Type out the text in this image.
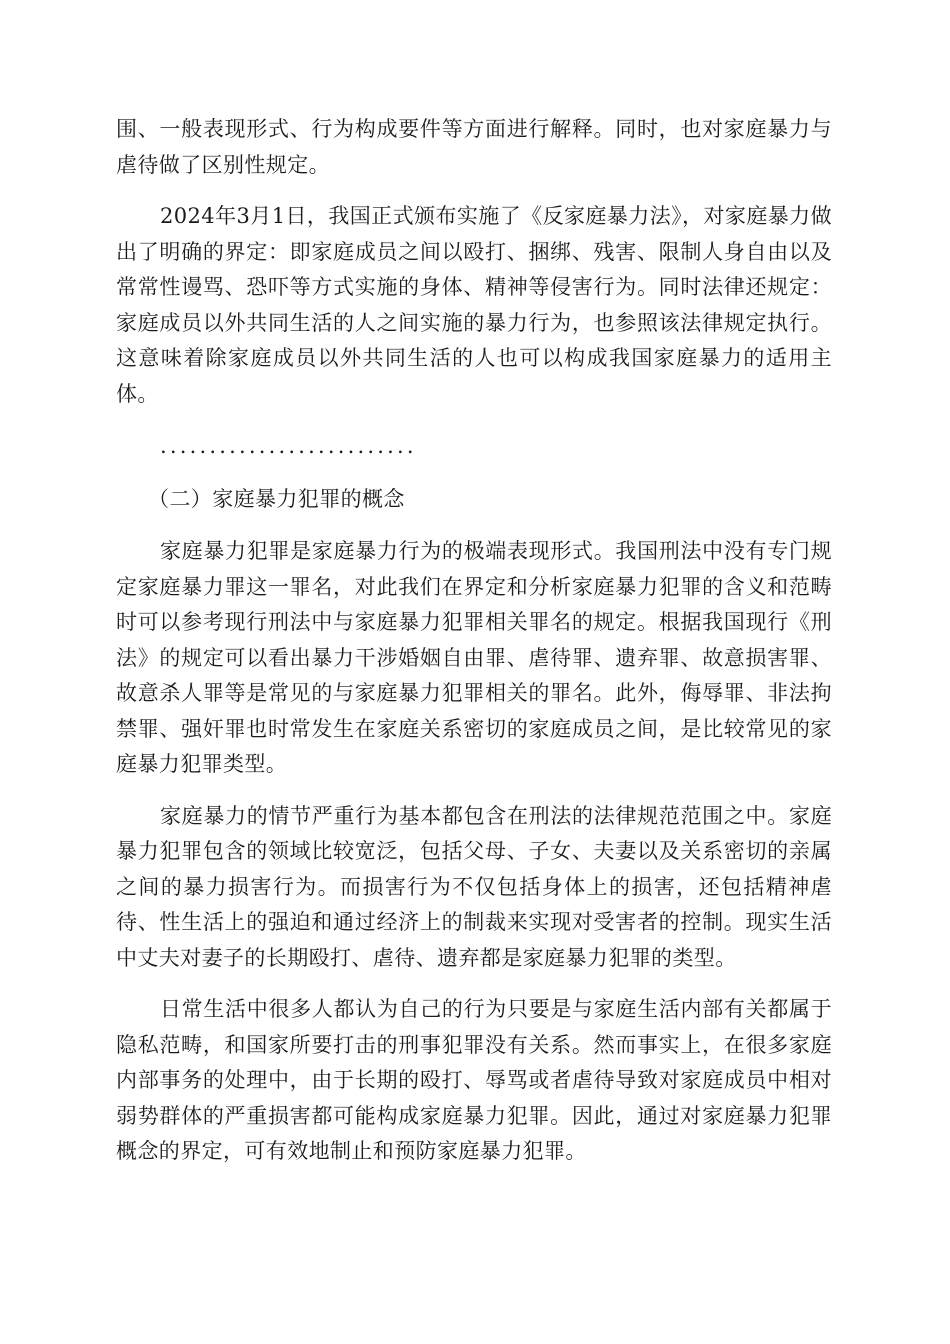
围、一般表现形式、行为构成要件等方面进行解释。同时，也对家庭暴力与虐待做了区别性规定。

2024年3月1日，我国正式颁布实施了《反家庭暴力法》，对家庭暴力做出了明确的界定：即家庭成员之间以殴打、捆绑、残害、限制人身自由以及常常性谩骂、恐吓等方式实施的身体、精神等侵害行为。同时法律还规定：家庭成员以外共同生活的人之间实施的暴力行为，也参照该法律规定执行。这意味着除家庭成员以外共同生活的人也可以构成我国家庭暴力的适用主体。

..........................
（二）家庭暴力犯罪的概念

家庭暴力犯罪是家庭暴力行为的极端表现形式。我国刑法中没有专门规定家庭暴力罪这一罪名，对此我们在界定和分析家庭暴力犯罪的含义和范畴时可以参考现行刑法中与家庭暴力犯罪相关罪名的规定。根据我国现行《刑法》的规定可以看出暴力干涉婚姻自由罪、虐待罪、遗弃罪、故意损害罪、故意杀人罪等是常见的与家庭暴力犯罪相关的罪名。此外，侮辱罪、非法拘禁罪、强奸罪也时常发生在家庭关系密切的家庭成员之间，是比较常见的家庭暴力犯罪类型。

家庭暴力的情节严重行为基本都包含在刑法的法律规范范围之中。家庭暴力犯罪包含的领域比较宽泛，包括父母、子女、夫妻以及关系密切的亲属之间的暴力损害行为。而损害行为不仅包括身体上的损害，还包括精神虐待、性生活上的强迫和通过经济上的制裁来实现对受害者的控制。现实生活中丈夫对妻子的长期殴打、虐待、遗弃都是家庭暴力犯罪的类型。

日常生活中很多人都认为自己的行为只要是与家庭生活内部有关都属于隐私范畴，和国家所要打击的刑事犯罪没有关系。然而事实上，在很多家庭内部事务的处理中，由于长期的殴打、辱骂或者虐待导致对家庭成员中相对弱势群体的严重损害都可能构成家庭暴力犯罪。因此，通过对家庭暴力犯罪概念的界定，可有效地制止和预防家庭暴力犯罪。
